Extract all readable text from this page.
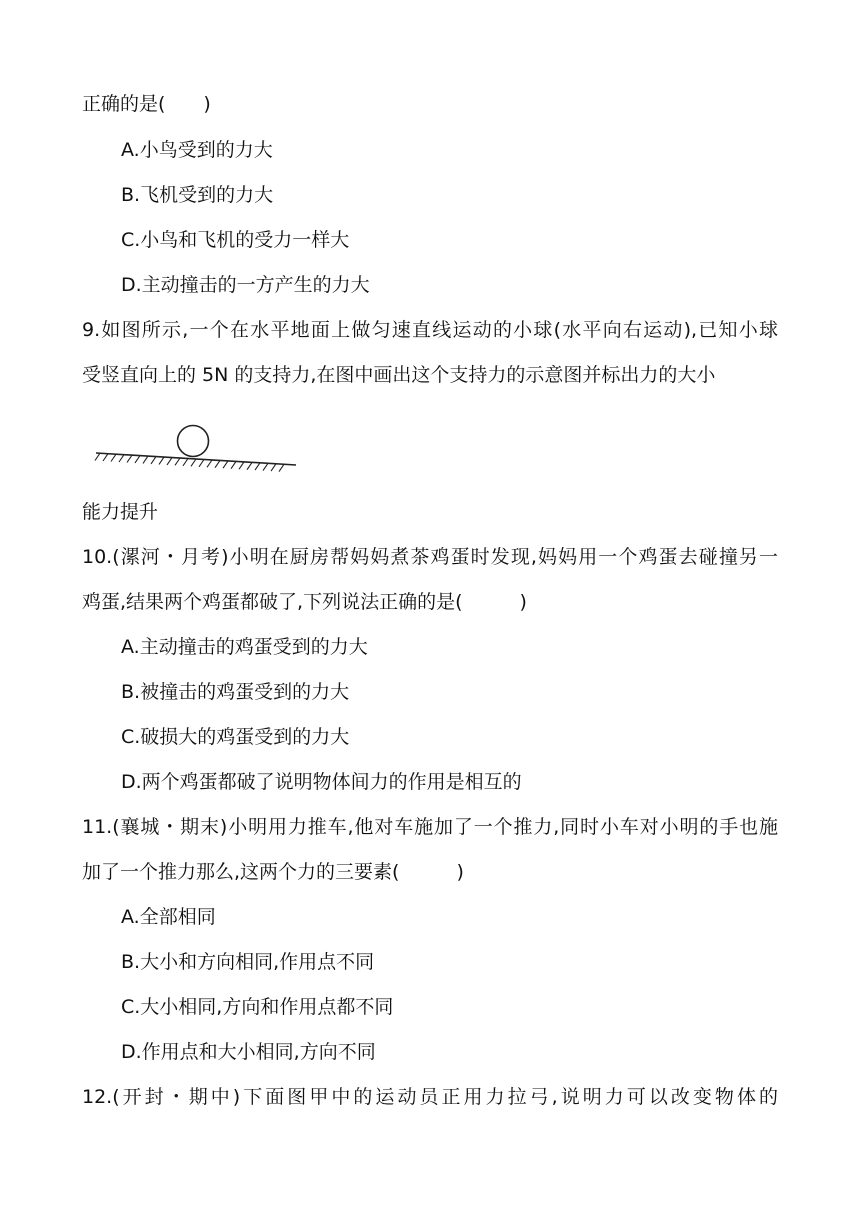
正确的是(　　)
A.小鸟受到的力大
B.飞机受到的力大
C.小鸟和飞机的受力一样大
D.主动撞击的一方产生的力大
9.如图所示,一个在水平地面上做匀速直线运动的小球(水平向右运动),已知小球
受竖直向上的 5N 的支持力,在图中画出这个支持力的示意图并标出力的大小
能力提升
10.(漯河・月考)小明在厨房帮妈妈煮茶鸡蛋时发现,妈妈用一个鸡蛋去碰撞另一
鸡蛋,结果两个鸡蛋都破了,下列说法正确的是(　　　)
A.主动撞击的鸡蛋受到的力大
B.被撞击的鸡蛋受到的力大
C.破损大的鸡蛋受到的力大
D.两个鸡蛋都破了说明物体间力的作用是相互的
11.(襄城・期末)小明用力推车,他对车施加了一个推力,同时小车对小明的手也施
加了一个推力那么,这两个力的三要素(　　　)
A.全部相同
B.大小和方向相同,作用点不同
C.大小相同,方向和作用点都不同
D.作用点和大小相同,方向不同
12.(开封・期中)下面图甲中的运动员正用力拉弓,说明力可以改变物体的
